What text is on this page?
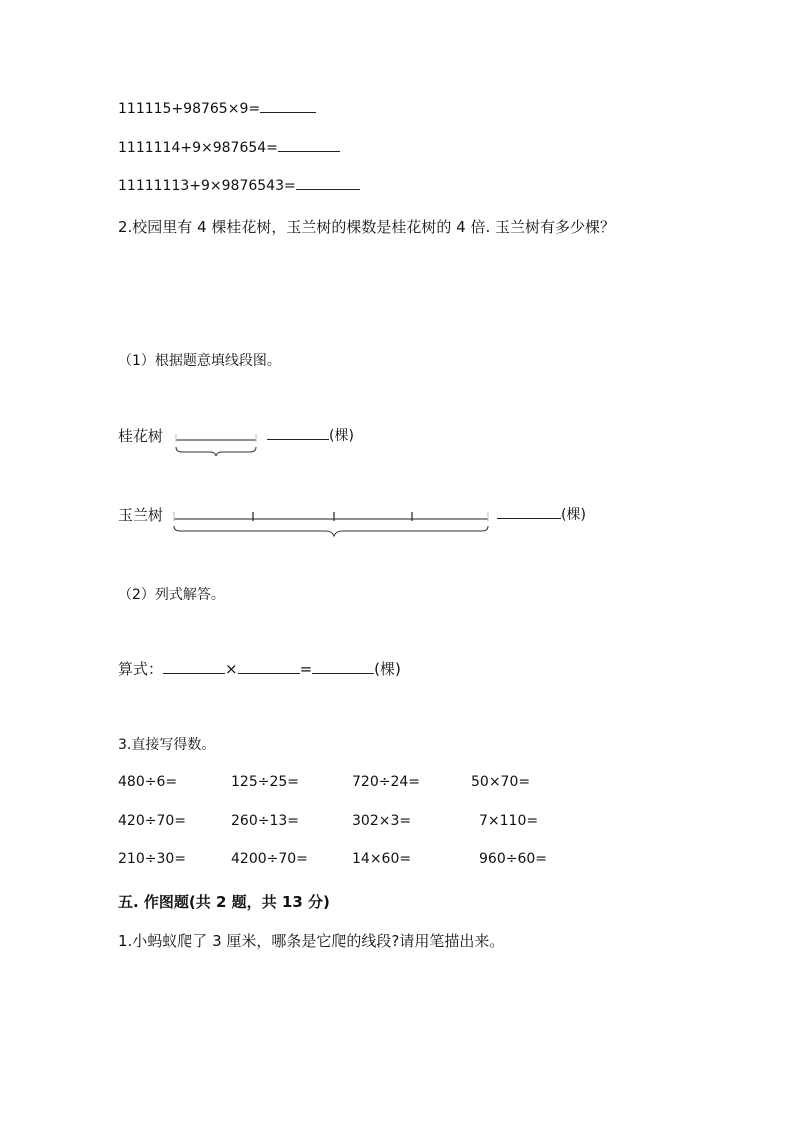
111115+98765×9=
1111114+9×987654=
11111113+9×9876543=
2.校园里有 4 棵桂花树，玉兰树的棵数是桂花树的 4 倍. 玉兰树有多少棵？
（1）根据题意填线段图。
桂花树	(棵)
玉兰树	(棵)
（2）列式解答。
算式：	×	=	(棵)
3.直接写得数。
480÷6=	125÷25=	720÷24=	50×70=
420÷70=	260÷13=	302×3=	7×110=
210÷30=	4200÷70=	14×60=	960÷60=
五. 作图题(共 2 题，共 13 分)
1.小蚂蚁爬了 3 厘米，哪条是它爬的线段?请用笔描出来。
